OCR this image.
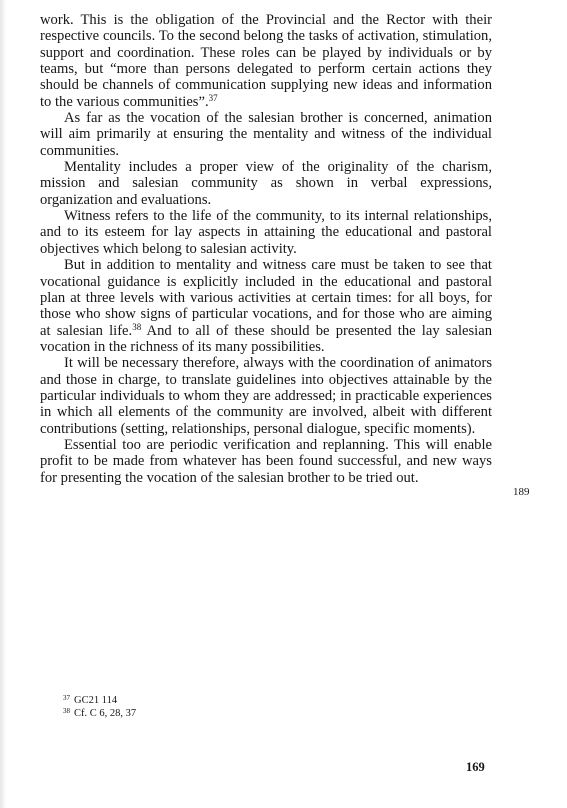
work. This is the obligation of the Provincial and the Rector with their respective councils. To the second belong the tasks of activation, stimulation, support and coordination. These roles can be played by individuals or by teams, but “more than persons delegated to perform certain actions they should be channels of communication supplying new ideas and information to the various communities”.$^{37}$

As far as the vocation of the salesian brother is concerned, animation will aim primarily at ensuring the mentality and witness of the individual communities.

Mentality includes a proper view of the originality of the charism, mission and salesian community as shown in verbal expressions, organization and evaluations.

Witness refers to the life of the community, to its internal relationships, and to its esteem for lay aspects in attaining the educational and pastoral objectives which belong to salesian activity.

But in addition to mentality and witness care must be taken to see that vocational guidance is explicitly included in the educational and pastoral plan at three levels with various activities at certain times: for all boys, for those who show signs of particular vocations, and for those who are aiming at salesian life.$^{38}$ And to all of these should be presented the lay salesian vocation in the richness of its many possibilities.

It will be necessary therefore, always with the coordination of animators and those in charge, to translate guidelines into objectives attainable by the particular individuals to whom they are addressed; in practicable experiences in which all elements of the community are involved, albeit with different contributions (setting, relationships, personal dialogue, specific moments).

Essential too are periodic verification and replanning. This will enable profit to be made from whatever has been found successful, and new ways for presenting the vocation of the salesian brother to be tried out.

189
$^{37}$ GC21 114
$^{38}$ Cf. C 6, 28, 37
169
